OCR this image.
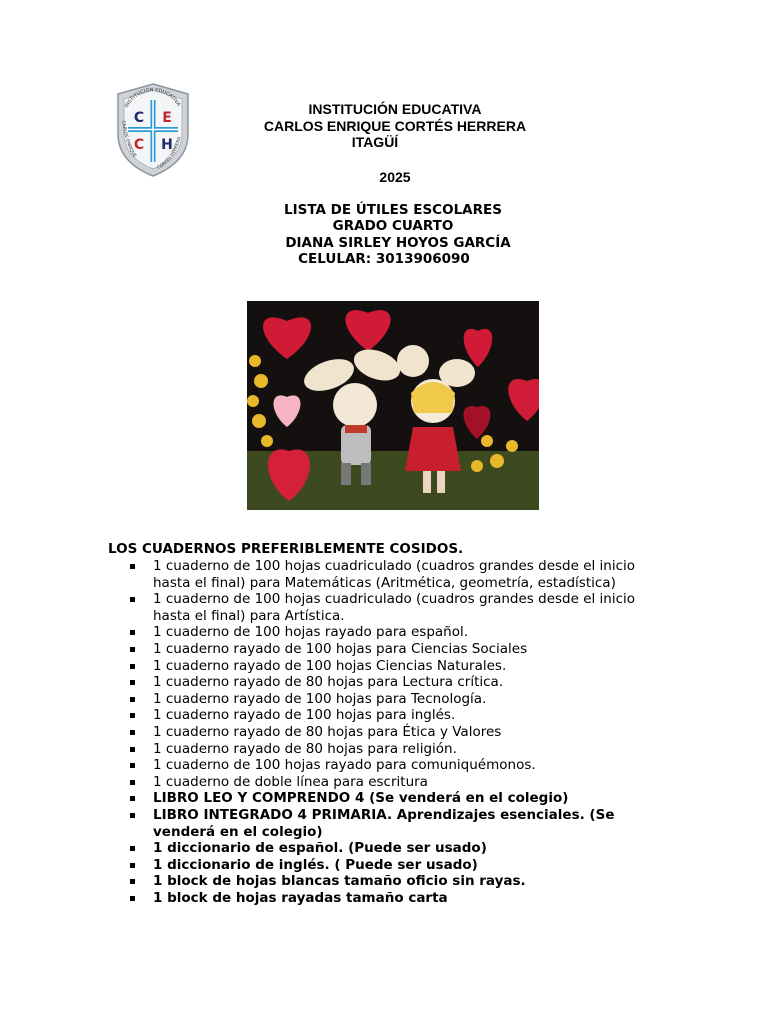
INSTITUCIÓN EDUCATIVA
CARLOS ENRIQUE
CORTÉS HERRERA
C E
C H
INSTITUCIÓN EDUCATIVA
CARLOS ENRIQUE CORTÉS HERRERA
ITAGÜÍ
2025
LISTA DE ÚTILES ESCOLARES
GRADO CUARTO
DIANA SIRLEY HOYOS GARCÍA
CELULAR: 3013906090
LOS CUADERNOS PREFERIBLEMENTE COSIDOS.
1 cuaderno de 100 hojas cuadriculado (cuadros grandes desde el inicio hasta el final) para Matemáticas (Aritmética, geometría, estadística)
1 cuaderno de 100 hojas cuadriculado (cuadros grandes desde el inicio hasta el final) para Artística.
1 cuaderno de 100 hojas rayado para español.
1 cuaderno rayado de 100 hojas para Ciencias Sociales
1 cuaderno rayado de 100 hojas Ciencias Naturales.
1 cuaderno rayado de 80 hojas para Lectura crítica.
1 cuaderno rayado de 100 hojas para Tecnología.
1 cuaderno rayado de 100 hojas para inglés.
1 cuaderno rayado de 80 hojas para Ética y Valores
1 cuaderno rayado de 80 hojas para religión.
1 cuaderno de 100 hojas rayado para comuniquémonos.
1 cuaderno de doble línea para escritura
LIBRO LEO Y COMPRENDO 4 (Se venderá en el colegio)
LIBRO INTEGRADO 4 PRIMARIA. Aprendizajes esenciales. (Se venderá en el colegio)
1 diccionario de español. (Puede ser usado)
1 diccionario de inglés. ( Puede ser usado)
1 block de hojas blancas tamaño oficio sin rayas.
1 block de hojas rayadas tamaño carta
